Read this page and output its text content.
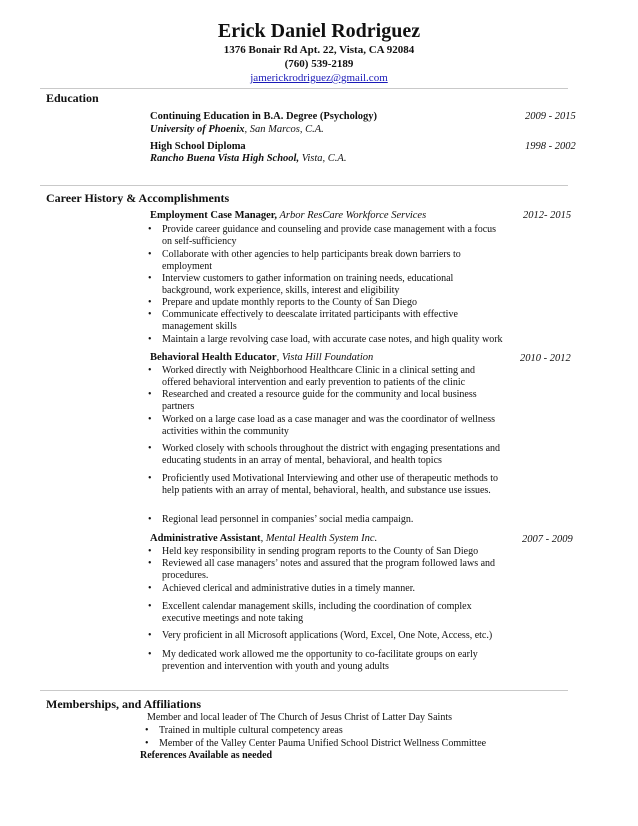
Erick Daniel Rodriguez
1376 Bonair Rd Apt. 22, Vista, CA 92084
(760) 539-2189
jamerickrodriguez@gmail.com
Education
Continuing Education in B.A. Degree (Psychology)	2009 - 2015
University of Phoenix, San Marcos, C.A.
High School Diploma	1998 - 2002
Rancho Buena Vista High School, Vista, C.A.
Career History & Accomplishments
Employment Case Manager, Arbor ResCare Workforce Services	2012- 2015
• Provide career guidance and counseling and provide case management with a focus on self-sufficiency
• Collaborate with other agencies to help participants break down barriers to employment
• Interview customers to gather information on training needs, educational background, work experience, skills, interest and eligibility
• Prepare and update monthly reports to the County of San Diego
• Communicate effectively to deescalate irritated participants with effective management skills
• Maintain a large revolving case load, with accurate case notes, and high quality work
Behavioral Health Educator, Vista Hill Foundation	2010 - 2012
• Worked directly with Neighborhood Healthcare Clinic in a clinical setting and offered behavioral intervention and early prevention to patients of the clinic
• Researched and created a resource guide for the community and local business partners
• Worked on a large case load as a case manager and was the coordinator of wellness activities within the community
• Worked closely with schools throughout the district with engaging presentations and educating students in an array of mental, behavioral, and health topics
• Proficiently used Motivational Interviewing and other use of therapeutic methods to help patients with an array of mental, behavioral, health, and substance use issues.
• Regional lead personnel in companies’ social media campaign.
Administrative Assistant, Mental Health System Inc.	2007 - 2009
• Held key responsibility in sending program reports to the County of San Diego
• Reviewed all case managers’ notes and assured that the program followed laws and procedures.
• Achieved clerical and administrative duties in a timely manner.
• Excellent calendar management skills, including the coordination of complex executive meetings and note taking
• Very proficient in all Microsoft applications (Word, Excel, One Note, Access, etc.)
• My dedicated work allowed me the opportunity to co-facilitate groups on early prevention and intervention with youth and young adults
Memberships, and Affiliations
Member and local leader of The Church of Jesus Christ of Latter Day Saints
• Trained in multiple cultural competency areas
• Member of the Valley Center Pauma Unified School District Wellness Committee
References Available as needed
